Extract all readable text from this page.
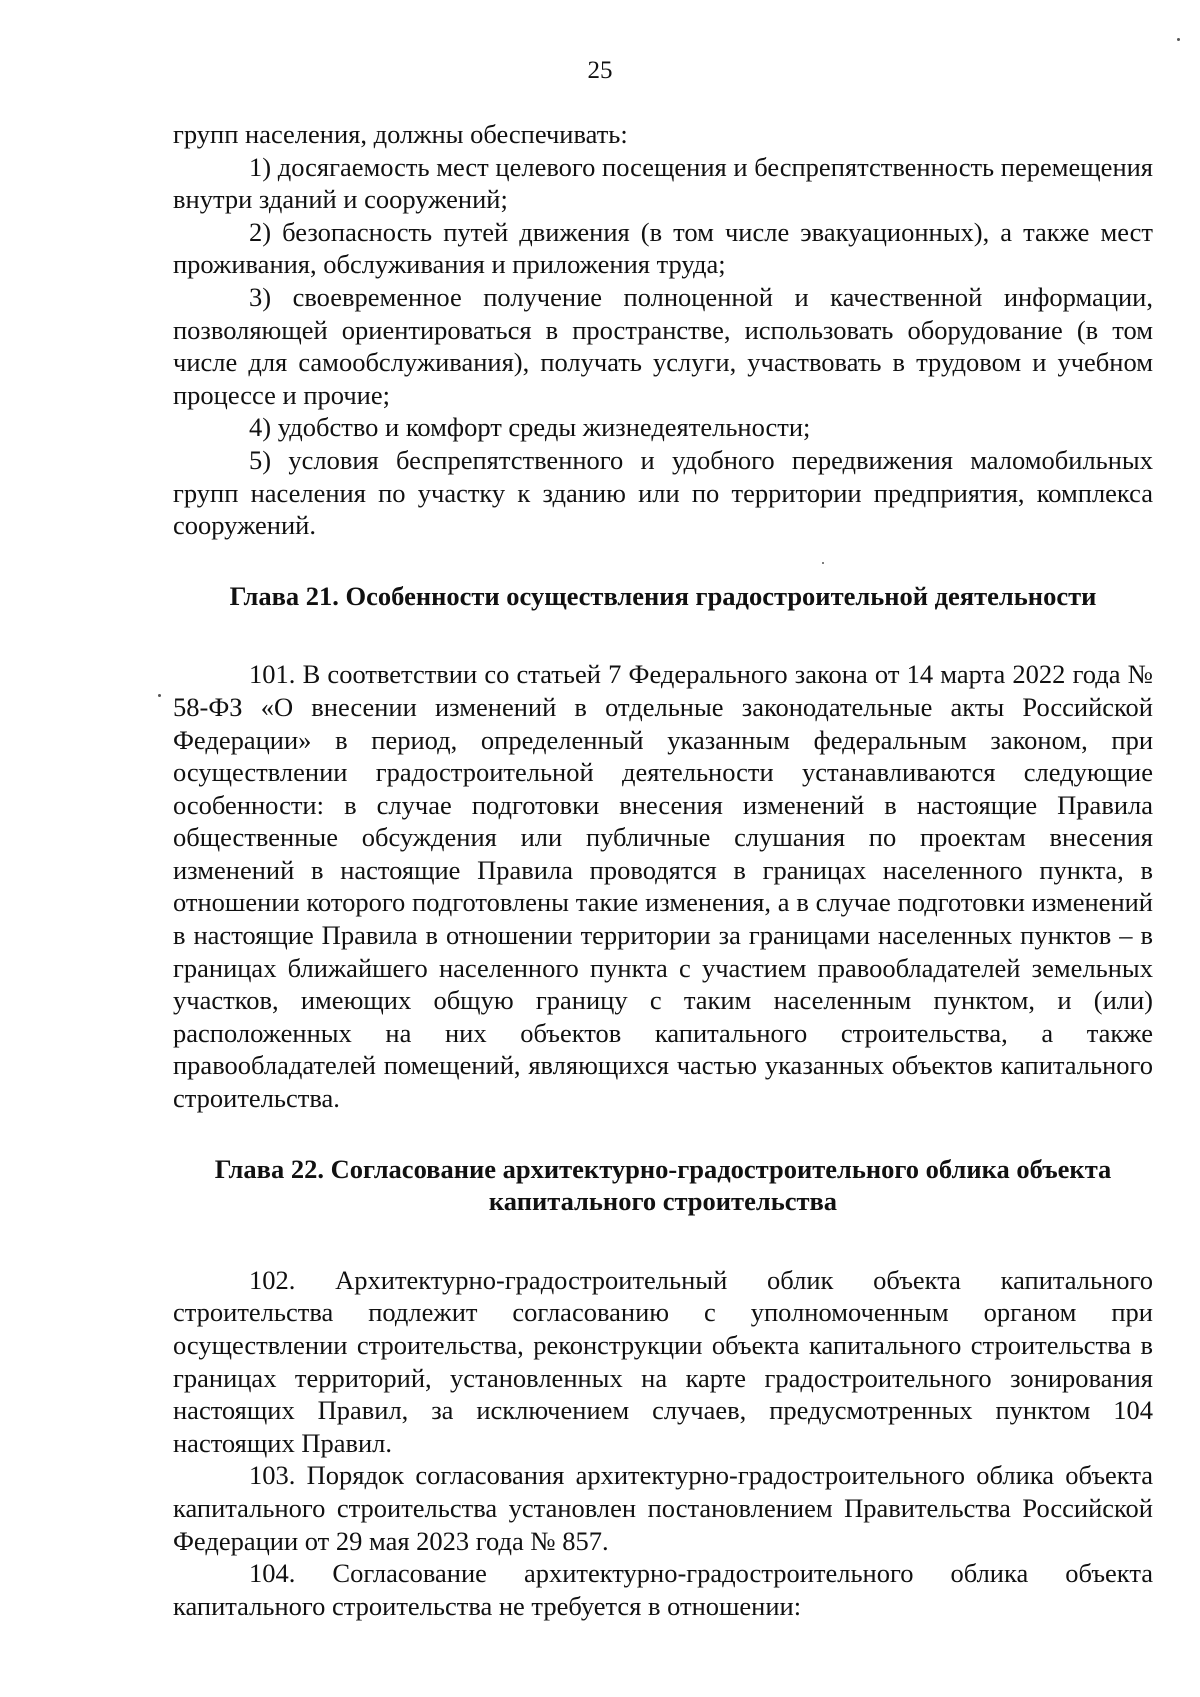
25

групп населения, должны обеспечивать:

1) досягаемость мест целевого посещения и беспрепятственность перемещения внутри зданий и сооружений;

2) безопасность путей движения (в том числе эвакуационных), а также мест проживания, обслуживания и приложения труда;

3) своевременное получение полноценной и качественной информации, позволяющей ориентироваться в пространстве, использовать оборудование (в том числе для самообслуживания), получать услуги, участвовать в трудовом и учебном процессе и прочие;

4) удобство и комфорт среды жизнедеятельности;

5) условия беспрепятственного и удобного передвижения маломобильных групп населения по участку к зданию или по территории предприятия, комплекса сооружений.

Глава 21. Особенности осуществления градостроительной деятельности

101. В соответствии со статьей 7 Федерального закона от 14 марта 2022 года № 58-ФЗ «О внесении изменений в отдельные законодательные акты Российской Федерации» в период, определенный указанным федеральным законом, при осуществлении градостроительной деятельности устанавливаются следующие особенности: в случае подготовки внесения изменений в настоящие Правила общественные обсуждения или публичные слушания по проектам внесения изменений в настоящие Правила проводятся в границах населенного пункта, в отношении которого подготовлены такие изменения, а в случае подготовки изменений в настоящие Правила в отношении территории за границами населенных пунктов – в границах ближайшего населенного пункта с участием правообладателей земельных участков, имеющих общую границу с таким населенным пунктом, и (или) расположенных на них объектов капитального строительства, а также правообладателей помещений, являющихся частью указанных объектов капитального строительства.

Глава 22. Согласование архитектурно-градостроительного облика объекта

капитального строительства

102. Архитектурно-градостроительный облик объекта капитального строительства подлежит согласованию с уполномоченным органом при осуществлении строительства, реконструкции объекта капитального строительства в границах территорий, установленных на карте градостроительного зонирования настоящих Правил, за исключением случаев, предусмотренных пунктом 104 настоящих Правил.

103. Порядок согласования архитектурно-градостроительного облика объекта капитального строительства установлен постановлением Правительства Российской Федерации от 29 мая 2023 года № 857.

104. Согласование архитектурно-градостроительного облика объекта капитального строительства не требуется в отношении:
